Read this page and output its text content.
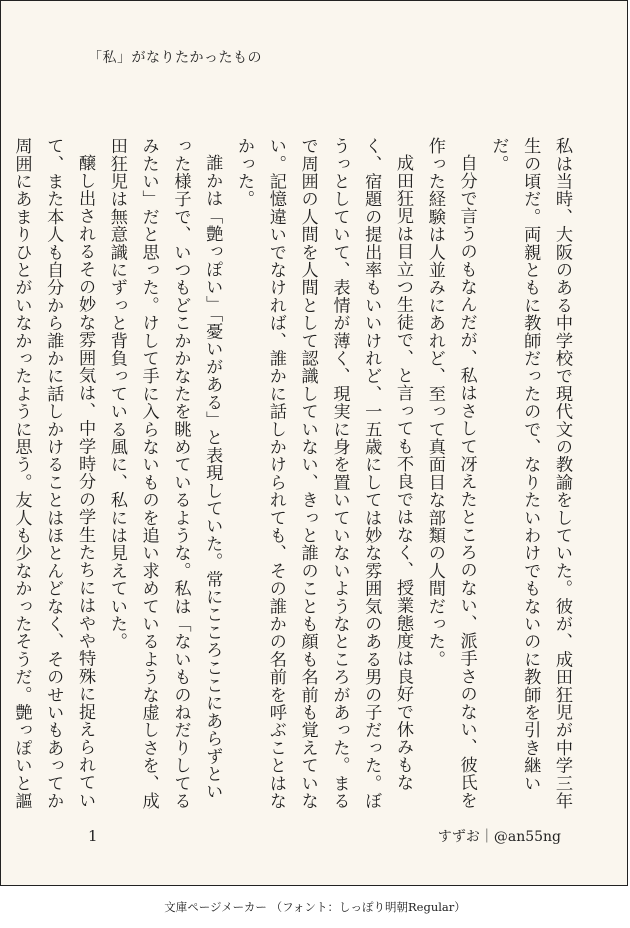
「私」がなりたかったもの

私は当時、大阪のある中学校で現代文の教諭をしていた。彼が、成田狂児が中学三年生の頃だ。両親ともに教師だったので、なりたいわけでもないのに教師を引き継いだ。

自分で言うのもなんだが、私はさして冴えたところのない、派手さのない、彼氏を作った経験は人並みにあれど、至って真面目な部類の人間だった。

成田狂児は目立つ生徒で、と言っても不良ではなく、授業態度は良好で休みもなく、宿題の提出率もいいけれど、一五歳にしては妙な雰囲気のある男の子だった。ぼうっとしていて、表情が薄く、現実に身を置いていないようなところがあった。まるで周囲の人間を人間として認識していない、きっと誰のことも顔も名前も覚えていない。記憶違いでなければ、誰かに話しかけられても、その誰かの名前を呼ぶことはなかった。

誰かは「艶っぽい」「憂いがある」と表現していた。常にこころここにあらずといった様子で、いつもどこかかなたを眺めているような。私は「ないものねだりしてるみたい」だと思った。けして手に入らないものを追い求めているような虚しさを、成田狂児は無意識にずっと背負っている風に、私には見えていた。

醸し出されるその妙な雰囲気は、中学時分の学生たちにはやや特殊に捉えられていて、また本人も自分から誰かに話しかけることはほとんどなく、そのせいもあってか周囲にあまりひとがいなかったように思う。友人も少なかったそうだ。艶っぽいと謳

1	すずお｜@an55ng
文庫ページメーカー （フォント：しっぽり明朝Regular）
